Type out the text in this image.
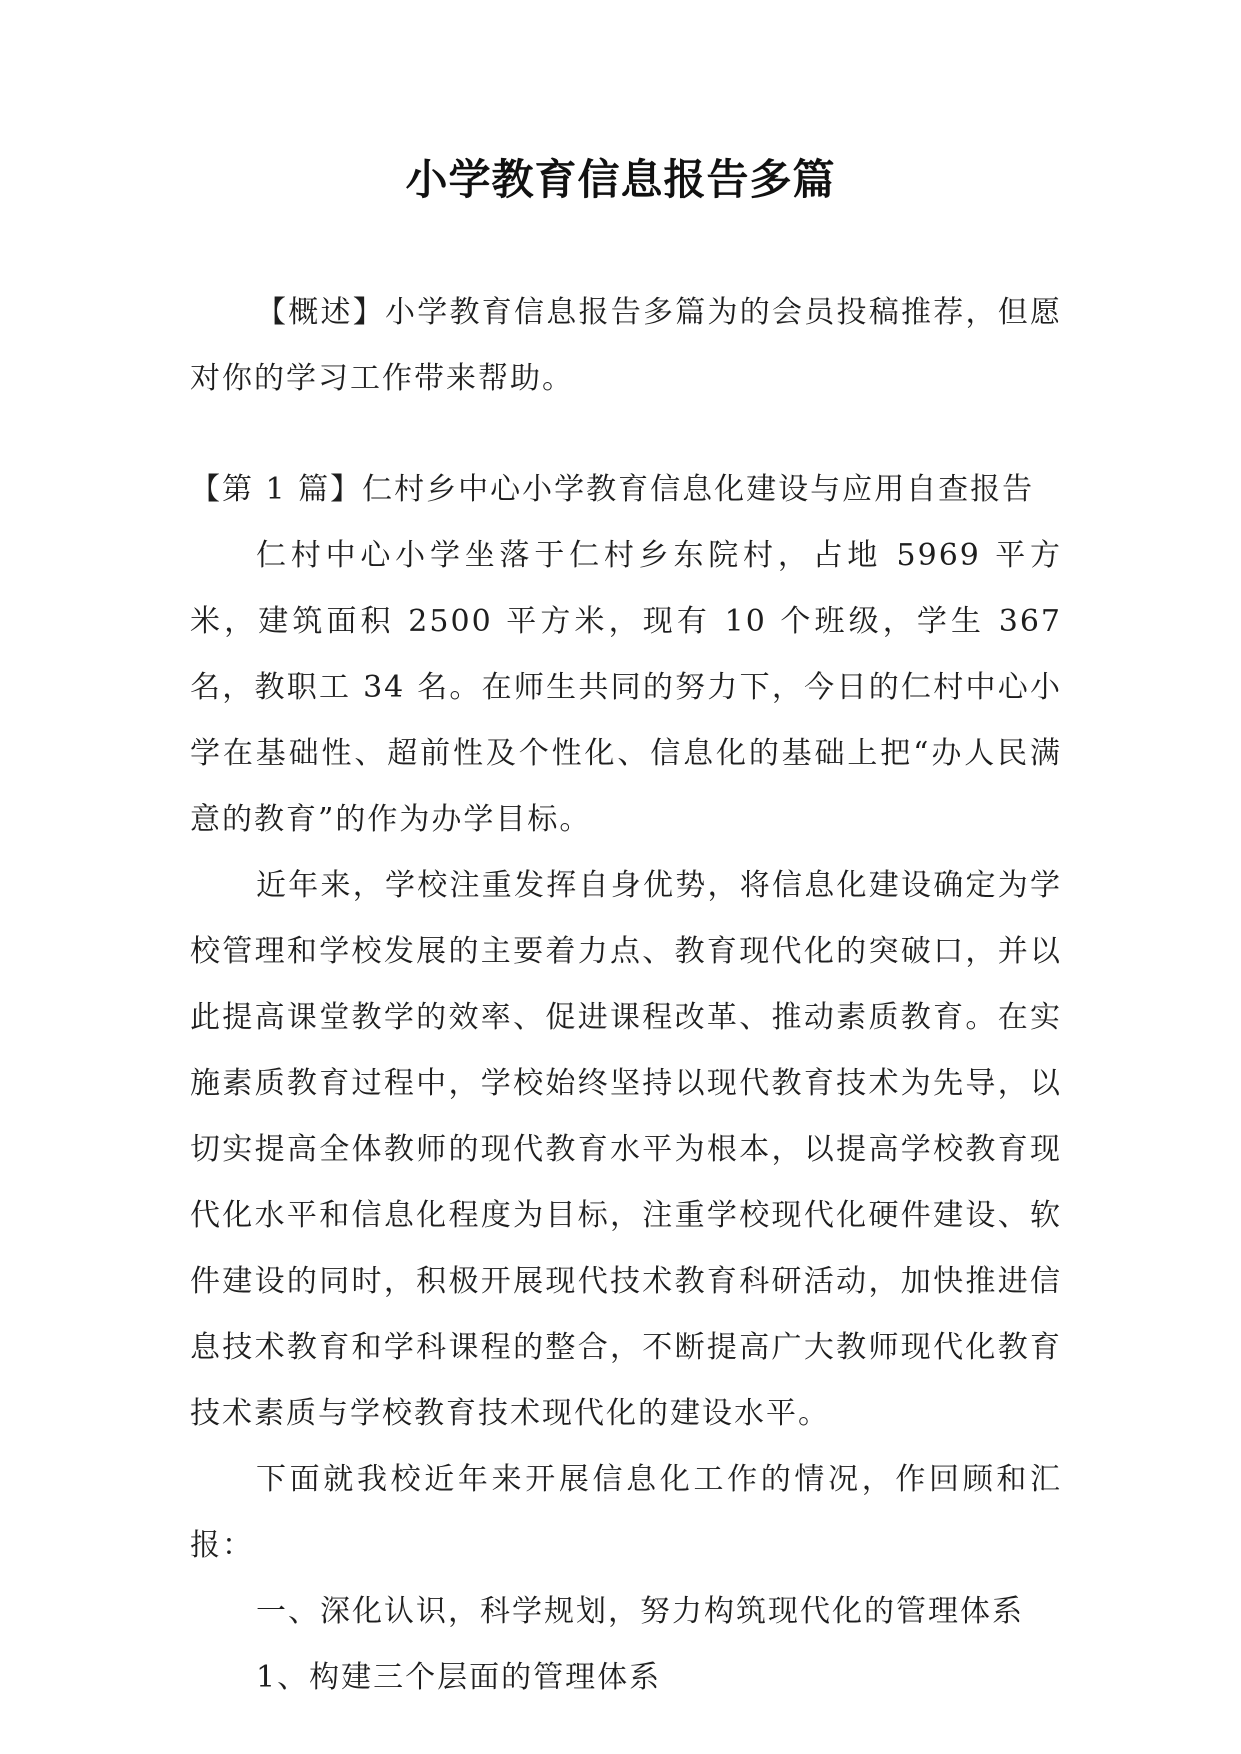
小学教育信息报告多篇

【概述】小学教育信息报告多篇为的会员投稿推荐，但愿对你的学习工作带来帮助。

【第 1 篇】仁村乡中心小学教育信息化建设与应用自查报告

仁村中心小学坐落于仁村乡东院村，占地 5969 平方米，建筑面积 2500 平方米，现有 10 个班级，学生 367 名，教职工 34 名。在师生共同的努力下，今日的仁村中心小学在基础性、超前性及个性化、信息化的基础上把“办人民满意的教育”的作为办学目标。

近年来，学校注重发挥自身优势，将信息化建设确定为学校管理和学校发展的主要着力点、教育现代化的突破口，并以此提高课堂教学的效率、促进课程改革、推动素质教育。在实施素质教育过程中，学校始终坚持以现代教育技术为先导，以切实提高全体教师的现代教育水平为根本，以提高学校教育现代化水平和信息化程度为目标，注重学校现代化硬件建设、软件建设的同时，积极开展现代技术教育科研活动，加快推进信息技术教育和学科课程的整合，不断提高广大教师现代化教育技术素质与学校教育技术现代化的建设水平。

下面就我校近年来开展信息化工作的情况，作回顾和汇报：

一、深化认识，科学规划，努力构筑现代化的管理体系

1、构建三个层面的管理体系
